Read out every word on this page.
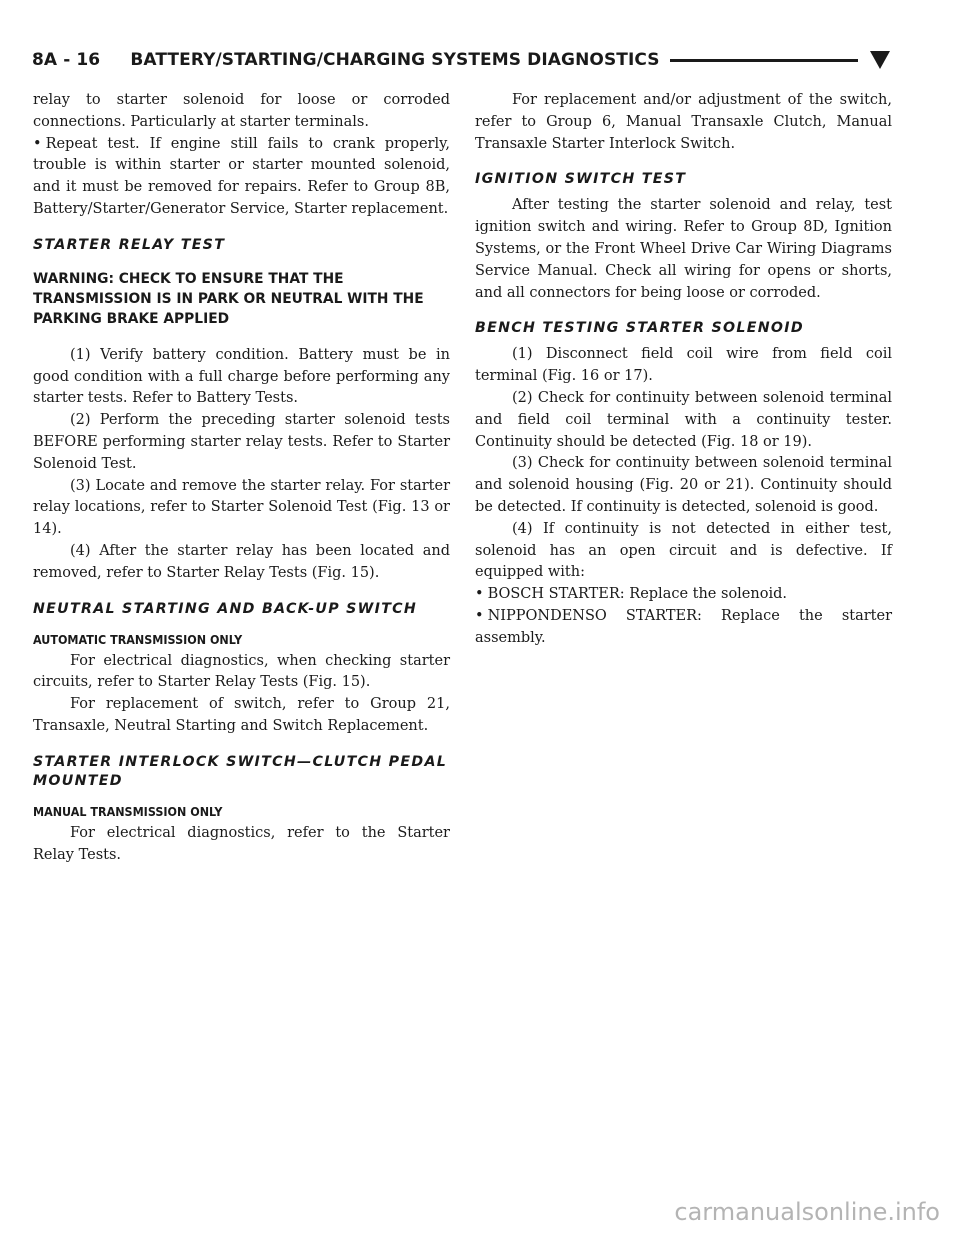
8A - 16     BATTERY/STARTING/CHARGING SYSTEMS DIAGNOSTICS

relay to starter solenoid for loose or corroded connections. Particularly at starter terminals.

• Repeat test. If engine still fails to crank properly, trouble is within starter or starter mounted solenoid, and it must be removed for repairs. Refer to Group 8B, Battery/Starter/Generator Service, Starter replacement.

STARTER RELAY TEST
WARNING: CHECK TO ENSURE THAT THE TRANSMISSION IS IN PARK OR NEUTRAL WITH THE PARKING BRAKE APPLIED

(1) Verify battery condition. Battery must be in good condition with a full charge before performing any starter tests. Refer to Battery Tests.

(2) Perform the preceding starter solenoid tests BEFORE performing starter relay tests. Refer to Starter Solenoid Test.

(3) Locate and remove the starter relay. For starter relay locations, refer to Starter Solenoid Test (Fig. 13 or 14).

(4) After the starter relay has been located and removed, refer to Starter Relay Tests (Fig. 15).

NEUTRAL STARTING AND BACK-UP SWITCH
AUTOMATIC TRANSMISSION ONLY

For electrical diagnostics, when checking starter circuits, refer to Starter Relay Tests (Fig. 15).

For replacement of switch, refer to Group 21, Transaxle, Neutral Starting and Switch Replacement.

STARTER INTERLOCK SWITCH—CLUTCH PEDAL MOUNTED
MANUAL TRANSMISSION ONLY

For electrical diagnostics, refer to the Starter Relay Tests.

For replacement and/or adjustment of the switch, refer to Group 6, Manual Transaxle Clutch, Manual Transaxle Starter Interlock Switch.

IGNITION SWITCH TEST

After testing the starter solenoid and relay, test ignition switch and wiring. Refer to Group 8D, Ignition Systems, or the Front Wheel Drive Car Wiring Diagrams Service Manual. Check all wiring for opens or shorts, and all connectors for being loose or corroded.

BENCH TESTING STARTER SOLENOID

(1) Disconnect field coil wire from field coil terminal (Fig. 16 or 17).

(2) Check for continuity between solenoid terminal and field coil terminal with a continuity tester. Continuity should be detected (Fig. 18 or 19).

(3) Check for continuity between solenoid terminal and solenoid housing (Fig. 20 or 21). Continuity should be detected. If continuity is detected, solenoid is good.

(4) If continuity is not detected in either test, solenoid has an open circuit and is defective. If equipped with:

• BOSCH STARTER: Replace the solenoid.

• NIPPONDENSO STARTER: Replace the starter assembly.

carmanualsonline.info
